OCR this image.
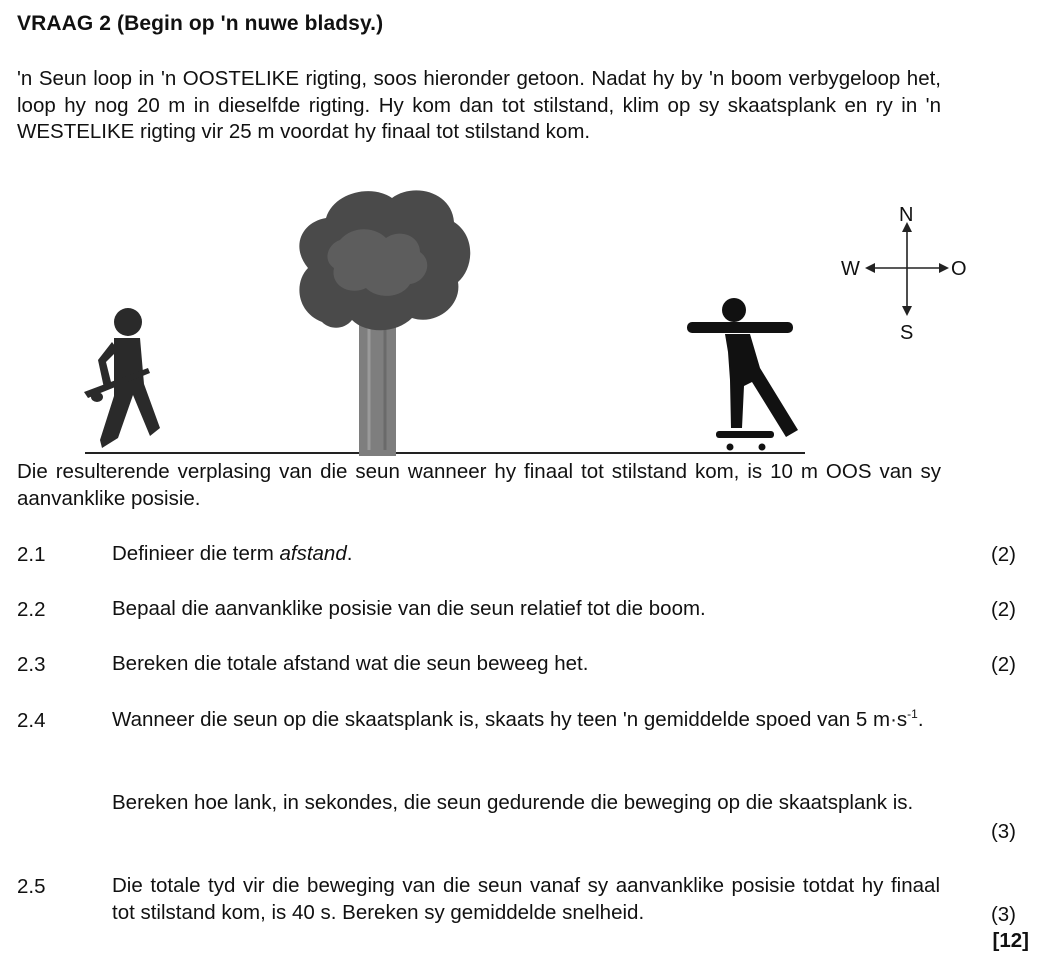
VRAAG 2 (Begin op 'n nuwe bladsy.)
'n Seun loop in 'n OOSTELIKE rigting, soos hieronder getoon. Nadat hy by 'n boom verbygeloop het, loop hy nog 20 m in dieselfde rigting. Hy kom dan tot stilstand, klim op sy skaatsplank en ry in 'n WESTELIKE rigting vir 25 m voordat hy finaal tot stilstand kom.
N
S
W	O
Die resulterende verplasing van die seun wanneer hy finaal tot stilstand kom, is 10 m OOS van sy aanvanklike posisie.
2.1	Definieer die term afstand.	(2)
2.2	Bepaal die aanvanklike posisie van die seun relatief tot die boom.	(2)
2.3	Bereken die totale afstand wat die seun beweeg het.	(2)
2.4	Wanneer die seun op die skaatsplank is, skaats hy teen 'n gemiddelde spoed van 5 $m\cdot s^{-1}$.
Bereken hoe lank, in sekondes, die seun gedurende die beweging op die skaatsplank is.
(3)
2.5	Die totale tyd vir die beweging van die seun vanaf sy aanvanklike posisie totdat hy finaal tot stilstand kom, is 40 s. Bereken sy gemiddelde snelheid.	(3)
[12]
